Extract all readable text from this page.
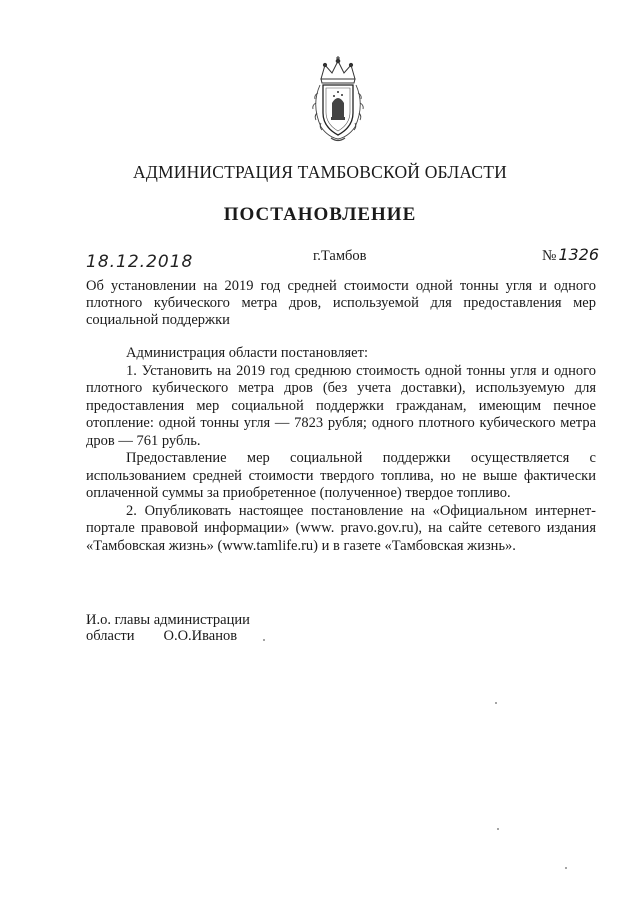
АДМИНИСТРАЦИЯ ТАМБОВСКОЙ ОБЛАСТИ
ПОСТАНОВЛЕНИЕ
18.12.2018	г.Тамбов	№ 1326
Об установлении на 2019 год средней стоимости одной тонны угля и одного плотного кубического метра дров, используемой для предоставления мер социальной поддержки

Администрация области постановляет:

1. Установить на 2019 год среднюю стоимость одной тонны угля и одного плотного кубического метра дров (без учета доставки), используемую для предоставления мер социальной поддержки гражданам, имеющим печное отопление: одной тонны угля — 7823 рубля; одного плотного кубического метра дров — 761 рубль.

Предоставление мер социальной поддержки осуществляется с использованием средней стоимости твердого топлива, но не выше фактически оплаченной суммы за приобретенное (полученное) твердое топливо.

2. Опубликовать настоящее постановление на «Официальном интернет-портале правовой информации» (www. pravo.gov.ru), на сайте сетевого издания «Тамбовская жизнь» (www.tamlife.ru) и в газете «Тамбовская жизнь».

И.о. главы администрации
области О.О.Иванов
